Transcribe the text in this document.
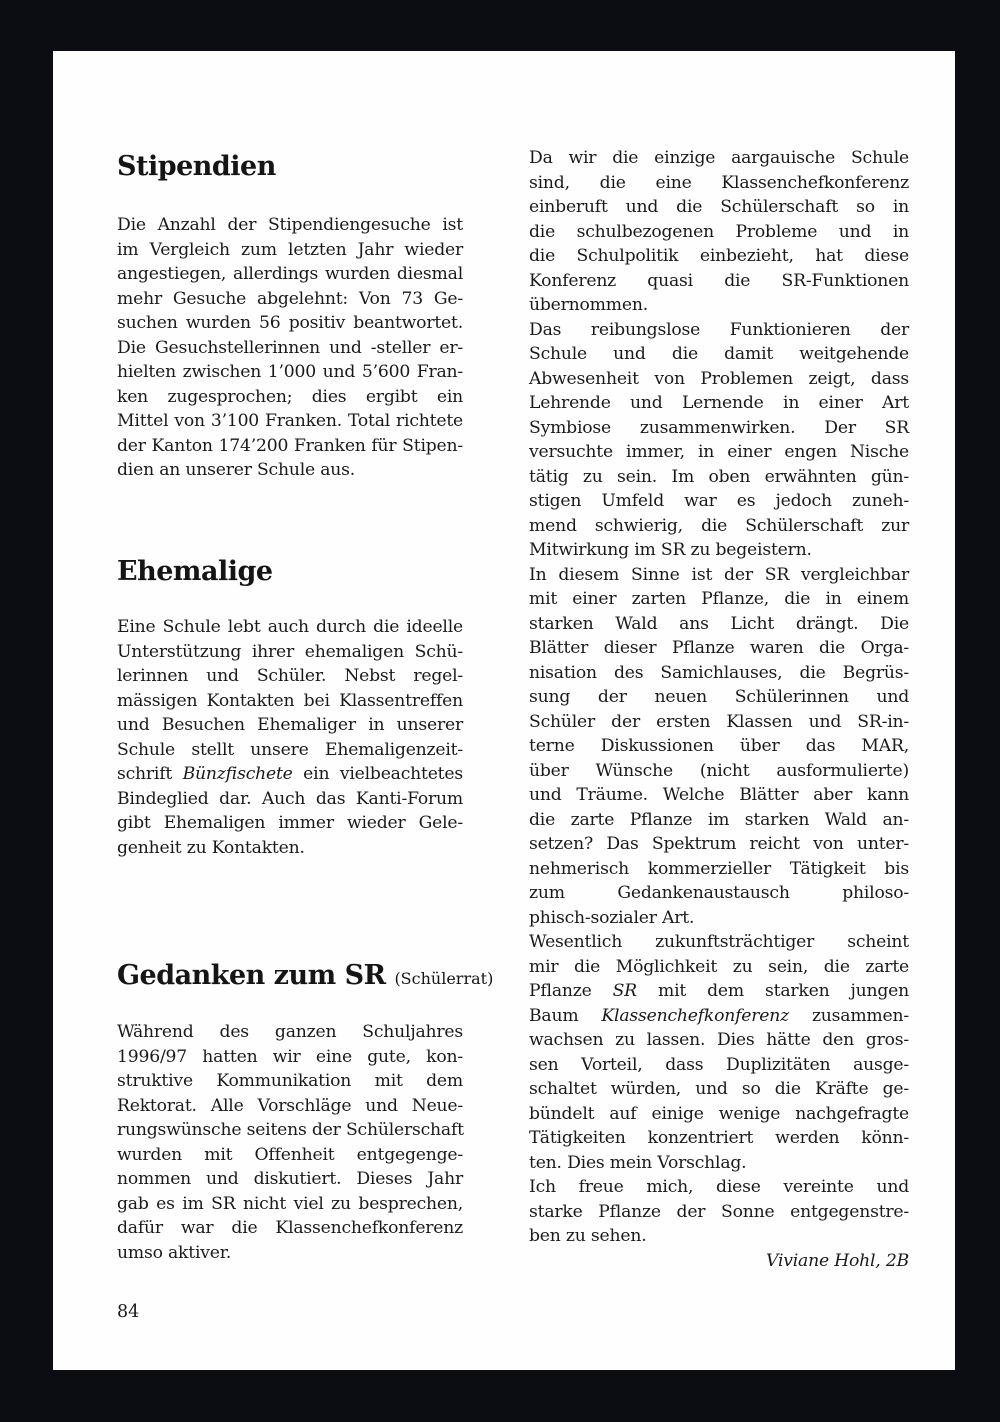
Stipendien
Die Anzahl der Stipendiengesuche ist
im Vergleich zum letzten Jahr wieder
angestiegen, allerdings wurden diesmal
mehr Gesuche abgelehnt: Von 73 Ge-
suchen wurden 56 positiv beantwortet.
Die Gesuchstellerinnen und -steller er-
hielten zwischen 1’000 und 5’600 Fran-
ken zugesprochen; dies ergibt ein
Mittel von 3’100 Franken. Total richtete
der Kanton 174’200 Franken für Stipen-
dien an unserer Schule aus.
Ehemalige
Eine Schule lebt auch durch die ideelle
Unterstützung ihrer ehemaligen Schü-
lerinnen und Schüler. Nebst regel-
mässigen Kontakten bei Klassentreffen
und Besuchen Ehemaliger in unserer
Schule stellt unsere Ehemaligenzeit-
schrift Bünzfischete ein vielbeachtetes
Bindeglied dar. Auch das Kanti-Forum
gibt Ehemaligen immer wieder Gele-
genheit zu Kontakten.
Gedanken zum SR (Schülerrat)
Während des ganzen Schuljahres
1996/97 hatten wir eine gute, kon-
struktive Kommunikation mit dem
Rektorat. Alle Vorschläge und Neue-
rungswünsche seitens der Schülerschaft
wurden mit Offenheit entgegenge-
nommen und diskutiert. Dieses Jahr
gab es im SR nicht viel zu besprechen,
dafür war die Klassenchefkonferenz
umso aktiver.
84
Da wir die einzige aargauische Schule
sind, die eine Klassenchefkonferenz
einberuft und die Schülerschaft so in
die schulbezogenen Probleme und in
die Schulpolitik einbezieht, hat diese
Konferenz quasi die SR-Funktionen
übernommen.
Das reibungslose Funktionieren der
Schule und die damit weitgehende
Abwesenheit von Problemen zeigt, dass
Lehrende und Lernende in einer Art
Symbiose zusammenwirken. Der SR
versuchte immer, in einer engen Nische
tätig zu sein. Im oben erwähnten gün-
stigen Umfeld war es jedoch zuneh-
mend schwierig, die Schülerschaft zur
Mitwirkung im SR zu begeistern.
In diesem Sinne ist der SR vergleichbar
mit einer zarten Pflanze, die in einem
starken Wald ans Licht drängt. Die
Blätter dieser Pflanze waren die Orga-
nisation des Samichlauses, die Begrüs-
sung der neuen Schülerinnen und
Schüler der ersten Klassen und SR-in-
terne Diskussionen über das MAR,
über Wünsche (nicht ausformulierte)
und Träume. Welche Blätter aber kann
die zarte Pflanze im starken Wald an-
setzen? Das Spektrum reicht von unter-
nehmerisch kommerzieller Tätigkeit bis
zum Gedankenaustausch philoso-
phisch-sozialer Art.
Wesentlich zukunftsträchtiger scheint
mir die Möglichkeit zu sein, die zarte
Pflanze SR mit dem starken jungen
Baum Klassenchefkonferenz zusammen-
wachsen zu lassen. Dies hätte den gros-
sen Vorteil, dass Duplizitäten ausge-
schaltet würden, und so die Kräfte ge-
bündelt auf einige wenige nachgefragte
Tätigkeiten konzentriert werden könn-
ten. Dies mein Vorschlag.
Ich freue mich, diese vereinte und
starke Pflanze der Sonne entgegenstre-
ben zu sehen.
Viviane Hohl, 2B
